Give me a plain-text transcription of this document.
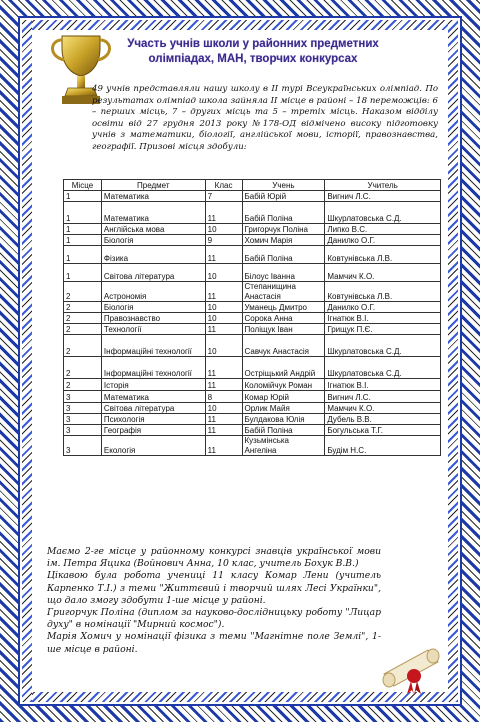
Участь учнів школи у районних предметних
олімпіадах, МАН, творчих конкурсах
49 учнів представляли нашу школу в ІІ турі Всеукраїнських олімпіад. По результатах олімпіад школа зайняла ІІ місце в районі – 18 переможців: 6 – перших місць, 7 – других місць та 5 – третіх місць. Наказом відділу освіти від 27 грудня 2013 року №178-ОД відмічено високу підготовку учнів з математики, біології, англійської мови, історії, правознавства, географії. Призові місця здобули:
Місце	Предмет	Клас	Учень	Учитель
1	Математика	7	Бабій Юрій	Вигнич Л.С.
1	Математика	11	Бабій Поліна	Шкурлатовська С.Д.
1	Англійська мова	10	Григорчук Поліна	Липко В.С.
1	Біологія	9	Хомич Марія	Данилко О.Г.
1	Фізика	11	Бабій Поліна	Ковтунівська Л.В.
1	Світова література	10	Білоус Іванна	Мамчич К.О.
2	Астрономія	11	Степанищина Анастасія	Ковтунівська Л.В.
2	Біологія	10	Уманець Дмитро	Данилко О.Г.
2	Правознавство	10	Сорока Анна	Ігнатюк В.І.
2	Технології	11	Поліщук Іван	Грищук П.Є.
2	Інформаційні технології	10	Савчук Анастасія	Шкурлатовська С.Д.
2	Інформаційні технології	11	Остріщький Андрій	Шкурлатовська С.Д.
2	Історія	11	Коломійчук Роман	Ігнатюк В.І.
3	Математика	8	Комар Юрій	Вигнич Л.С.
3	Світова література	10	Орлик Майя	Мамчич К.О.
3	Психологія	11	Булдакова Юлія	Дубель В.В.
3	Географія	11	Бабій Поліна	Богульська Т.Г.
3	Екологія	11	Кузьмінська Ангеліна	Будім Н.С.

Маємо 2-ге місце у районному конкурсі знавців української мови ім. Петра Яцика (Войнович Анна, 10 клас, учитель Бохук В.В.)

Цікавою була робота учениці 11 класу Комар Лени (учитель Карпенко Т.І.) з теми "Життєвий і творчий шлях Лесі Українки", що дало змогу здобути 1-ше місце у районі.

Григорчук Поліна (диплом за науково-дослідницьку роботу "Лицар духу" в номінації "Мирний космос").

Марія Хомич у номінації фізика з теми "Магнітне поле Землі", 1-ше місце в районі.
